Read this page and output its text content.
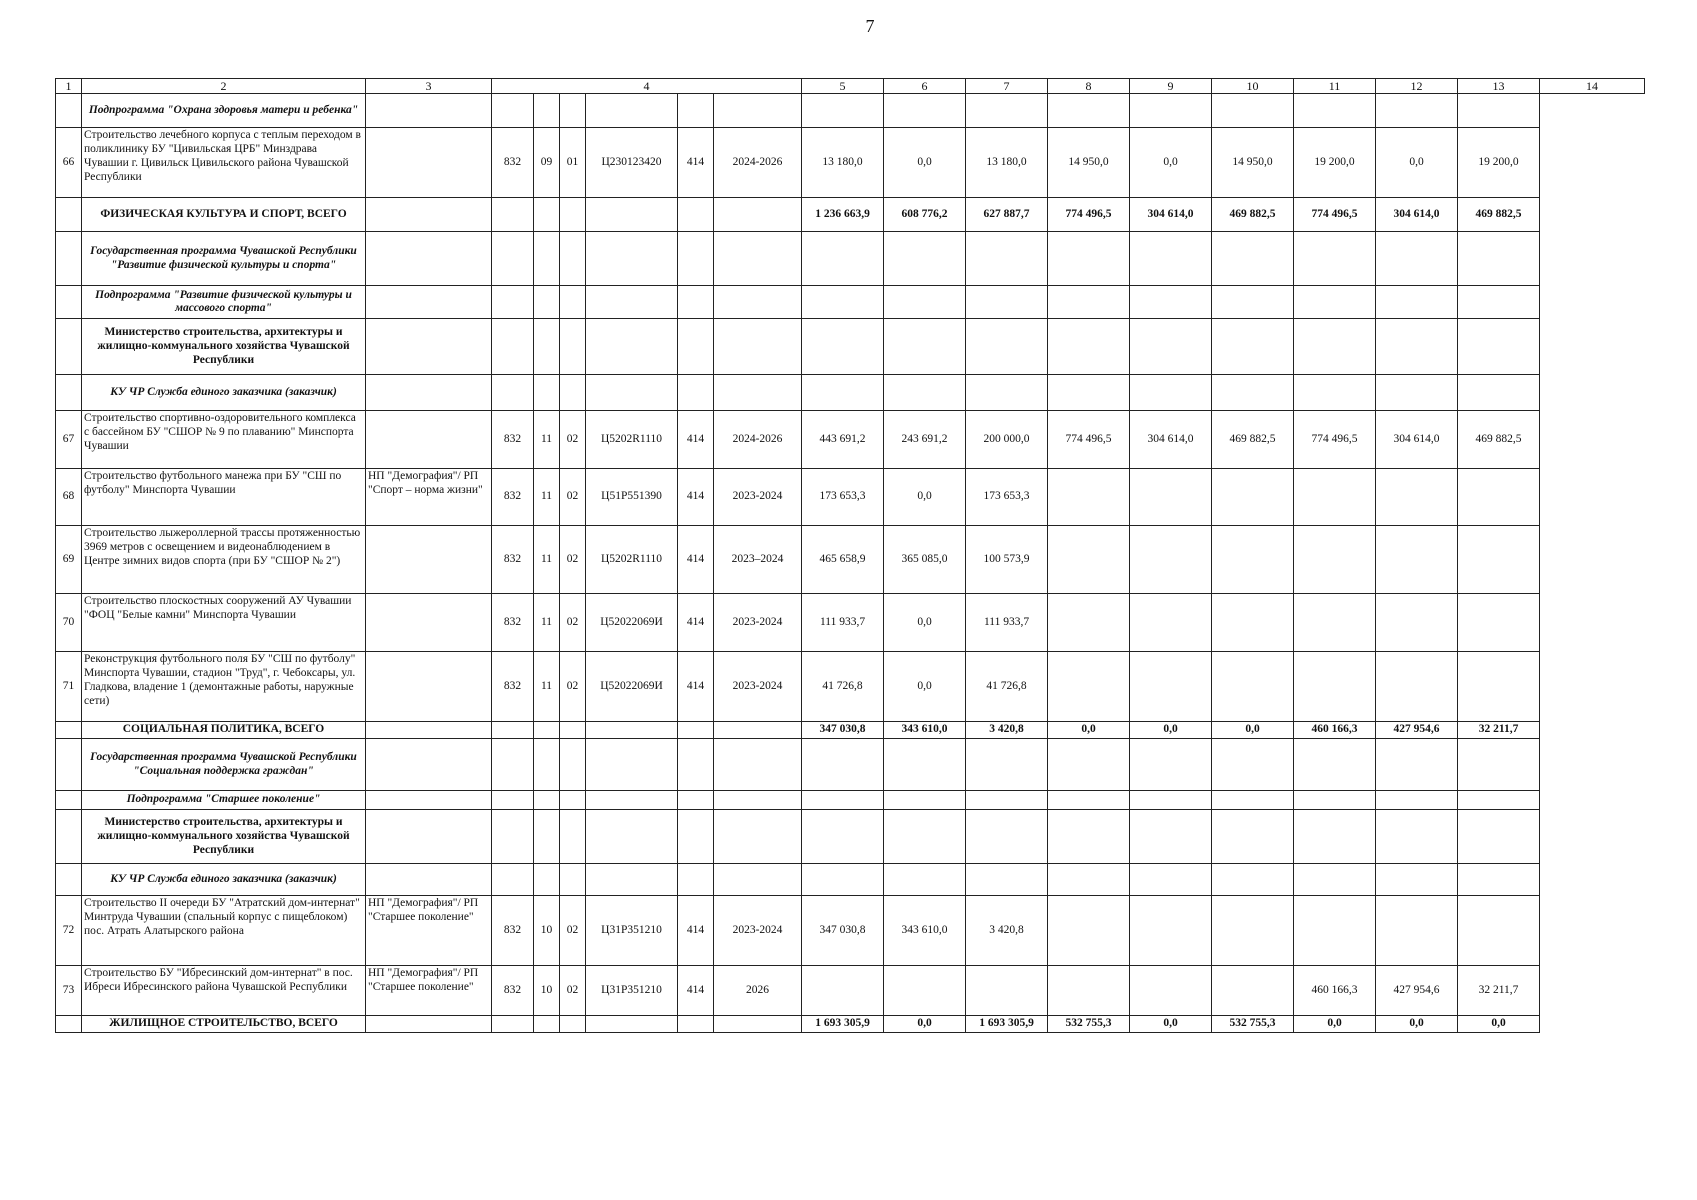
7
1	2	3	4						5	6	7	8	9	10	11	12	13	14
	Подпрограмма "Охрана здоровья матери и ребенка"																	
66	Строительство лечебного корпуса с теплым переходом в поликлинику БУ "Цивильская ЦРБ" Минздрава Чувашии г. Цивильск Цивильского района Чувашской Республики		832	09	01	Ц230123420	414	2024-2026	13 180,0	0,0	13 180,0	14 950,0	0,0	14 950,0	19 200,0	0,0	19 200,0	
	ФИЗИЧЕСКАЯ КУЛЬТУРА И СПОРТ, ВСЕГО								1 236 663,9	608 776,2	627 887,7	774 496,5	304 614,0	469 882,5	774 496,5	304 614,0	469 882,5	
	Государственная программа Чувашской Республики "Развитие физической культуры и спорта"																	
	Подпрограмма "Развитие физической культуры и массового спорта"																	
	Министерство строительства, архитектуры и жилищно-коммунального хозяйства Чувашской Республики																	
	КУ ЧР Служба единого заказчика (заказчик)																	
67	Строительство спортивно-оздоровительного комплекса с бассейном БУ "СШОР № 9 по плаванию" Минспорта Чувашии		832	11	02	Ц5202R1110	414	2024-2026	443 691,2	243 691,2	200 000,0	774 496,5	304 614,0	469 882,5	774 496,5	304 614,0	469 882,5	
68	Строительство футбольного манежа при БУ "СШ по футболу" Минспорта Чувашии	НП "Демография"/ РП "Спорт – норма жизни"	832	11	02	Ц51Р551390	414	2023-2024	173 653,3	0,0	173 653,3							
69	Строительство лыжероллерной трассы протяженностью 3969 метров с освещением и видеонаблюдением в Центре зимних видов спорта (при БУ "СШОР № 2")		832	11	02	Ц5202R1110	414	2023–2024	465 658,9	365 085,0	100 573,9							
70	Строительство плоскостных сооружений АУ Чувашии "ФОЦ "Белые камни" Минспорта Чувашии		832	11	02	Ц52022069И	414	2023-2024	111 933,7	0,0	111 933,7							
71	Реконструкция футбольного поля БУ "СШ по футболу" Минспорта Чувашии, стадион "Труд", г. Чебоксары, ул. Гладкова, владение 1 (демонтажные работы, наружные сети)		832	11	02	Ц52022069И	414	2023-2024	41 726,8	0,0	41 726,8							
	СОЦИАЛЬНАЯ ПОЛИТИКА, ВСЕГО								347 030,8	343 610,0	3 420,8	0,0	0,0	0,0	460 166,3	427 954,6	32 211,7	
	Государственная программа Чувашской Республики "Социальная поддержка граждан"																	
	Подпрограмма "Старшее поколение"																	
	Министерство строительства, архитектуры и жилищно-коммунального хозяйства Чувашской Республики																	
	КУ ЧР Служба единого заказчика (заказчик)																	
72	Строительство II очереди БУ "Атратский дом-интернат" Минтруда Чувашии (спальный корпус с пищеблоком) пос. Атрать Алатырского района	НП "Демография"/ РП "Старшее поколение"	832	10	02	Ц31Р351210	414	2023-2024	347 030,8	343 610,0	3 420,8							
73	Строительство БУ "Ибресинский дом-интернат" в пос. Ибреси Ибресинского района Чувашской Республики	НП "Демография"/ РП "Старшее поколение"	832	10	02	Ц31Р351210	414	2026							460 166,3	427 954,6	32 211,7	
	ЖИЛИЩНОЕ СТРОИТЕЛЬСТВО, ВСЕГО								1 693 305,9	0,0	1 693 305,9	532 755,3	0,0	532 755,3	0,0	0,0	0,0	
